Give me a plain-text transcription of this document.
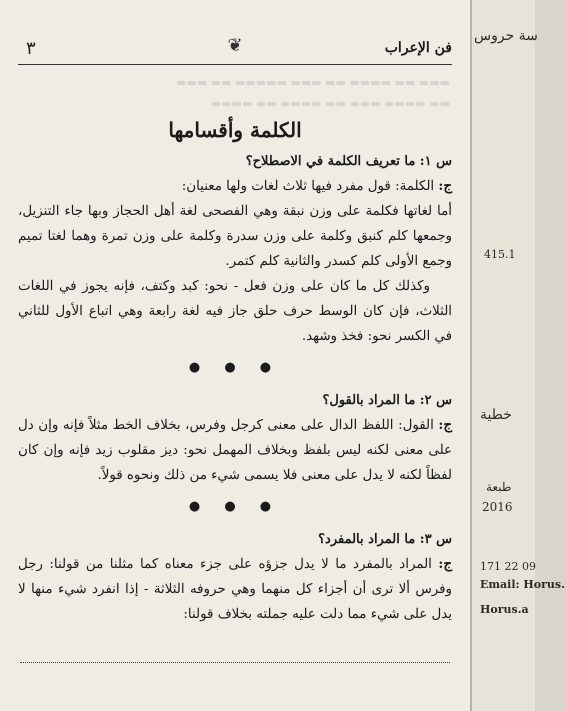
فن الإعراب
❦
٣
▬▬▬ ▬▬ ▬▬▬▬ ▬▬ ▬▬▬ ▬▬▬▬▬ ▬▬ ▬▬▬
▬▬ ▬▬▬▬ ▬▬▬ ▬▬ ▬▬▬▬ ▬▬ ▬▬▬▬
الكلمة وأقسامها

س ١: ما تعريف الكلمة في الاصطلاح؟

ج: الكلمة: قول مفرد فيها ثلاث لغات ولها معنيان:

أما لغاتها فكلمة على وزن نبقة وهي الفصحى لغة أهل الحجاز وبها جاء التنزيل، وجمعها كلم كنبق وكلمة على وزن سدرة وكلمة على وزن تمرة وهما لغتا تميم وجمع الأولى كلم كسدر والثانية كلم كتمر.

وكذلك كل ما كان على وزن فعل - نحو: كبد وكتف، فإنه يجوز في اللغات الثلاث، فإن كان الوسط حرف حلق جاز فيه لغة رابعة وهي اتباع الأول للثاني في الكسر نحو: فخذ وشهد.

● ● ●

س ٢: ما المراد بالقول؟

ج: القول: اللفظ الدال على معنى كرجل وفرس، بخلاف الخط مثلاً فإنه وإن دل على معنى لكنه ليس بلفظ وبخلاف المهمل نحو: ديز مقلوب زيد فإنه وإن كان لفظاً لكنه لا يدل على معنى فلا يسمى شيء من ذلك ونحوه قولاً.

● ● ●

س ٣: ما المراد بالمفرد؟

ج: المراد بالمفرد ما لا يدل جزؤه على جزء معناه كما مثلنا من قولنا: رجل وفرس ألا ترى أن أجزاء كل منهما وهي حروفه الثلاثة - إذا انفرد شيء منها لا يدل على شيء مما دلت عليه جملته بخلاف قولنا:

سة حروس
415.1
خطية
طبعة
2016
171 22 09
Email: Horus.
Horus.a
